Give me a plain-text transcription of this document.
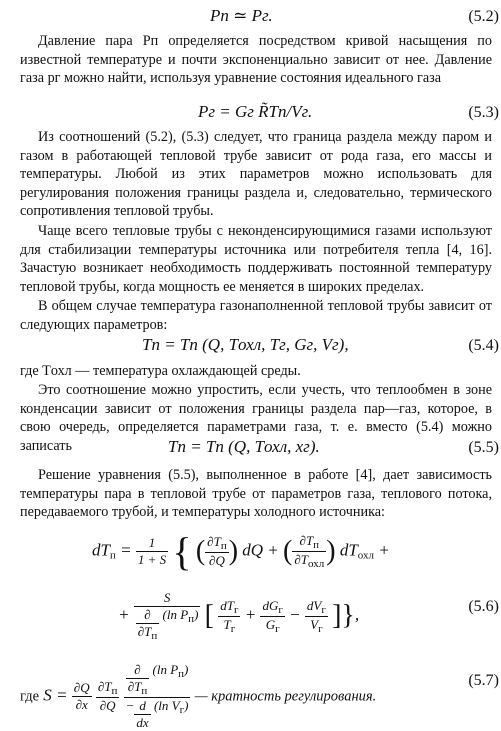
Pп ≃ Pг.	(5.2)

Давление пара Pп определяется посредством кривой насыщения по известной температуре и почти экспоненциально зависит от нее. Давление газа pг можно найти, используя уравнение состояния идеального газа

Pг = Gг R̃Tп/Vг.	(5.3)

Из соотношений (5.2), (5.3) следует, что граница раздела между паром и газом в работающей тепловой трубе зависит от рода газа, его массы и температуры. Любой из этих параметров можно использовать для регулирования положения границы раздела и, следовательно, термического сопротивления тепловой трубы.

Чаще всего тепловые трубы с неконденсирующимися газами используют для стабилизации температуры источника или потребителя тепла [4, 16]. Зачастую возникает необходимость поддерживать постоянной температуру тепловой трубы, когда мощность ее меняется в широких пределах.

В общем случае температура газонаполненной тепловой трубы зависит от следующих параметров:

Tп = Tп (Q, Tохл, Tг, Gг, Vг),	(5.4)

где Tохл — температура охлаждающей среды.

Это соотношение можно упростить, если учесть, что теплообмен в зоне конденсации зависит от положения границы раздела пар—газ, которое, в свою очередь, определяется параметрами газа, т. е. вместо (5.4) можно записать	Tп = Tп (Q, Tохл, xг).	(5.5)

Решение уравнения (5.5), выполненное в работе [4], дает зависимость температуры пара в тепловой трубе от параметров газа, теплового потока, передаваемого трубой, и температуры холодного источника:

$dT_п = \frac{1}{1 + S}$ { ( $\frac{\partial T_п}{\partial Q}$ ) dQ + ( $\frac{\partial T_п}{\partial T_{охл}}$ ) $dT_{охл}$ +
+ $\frac{S}{\frac{\partial}{\partial T_п} (\ln P_п)}$ [ $\frac{dT_г}{T_г} + \frac{dG_г}{G_г} - \frac{dV_г}{V_г}$ ]},	(5.6)
где $S = \frac{\partial Q}{\partial x}$
$\frac{\partial T_п}{\partial Q}$
$\frac{\frac{\partial}{\partial T_п} (\ln P_п)}{- \frac{d}{dx} (\ln V_г)}$ — кратность регулирования.
(5.7)
